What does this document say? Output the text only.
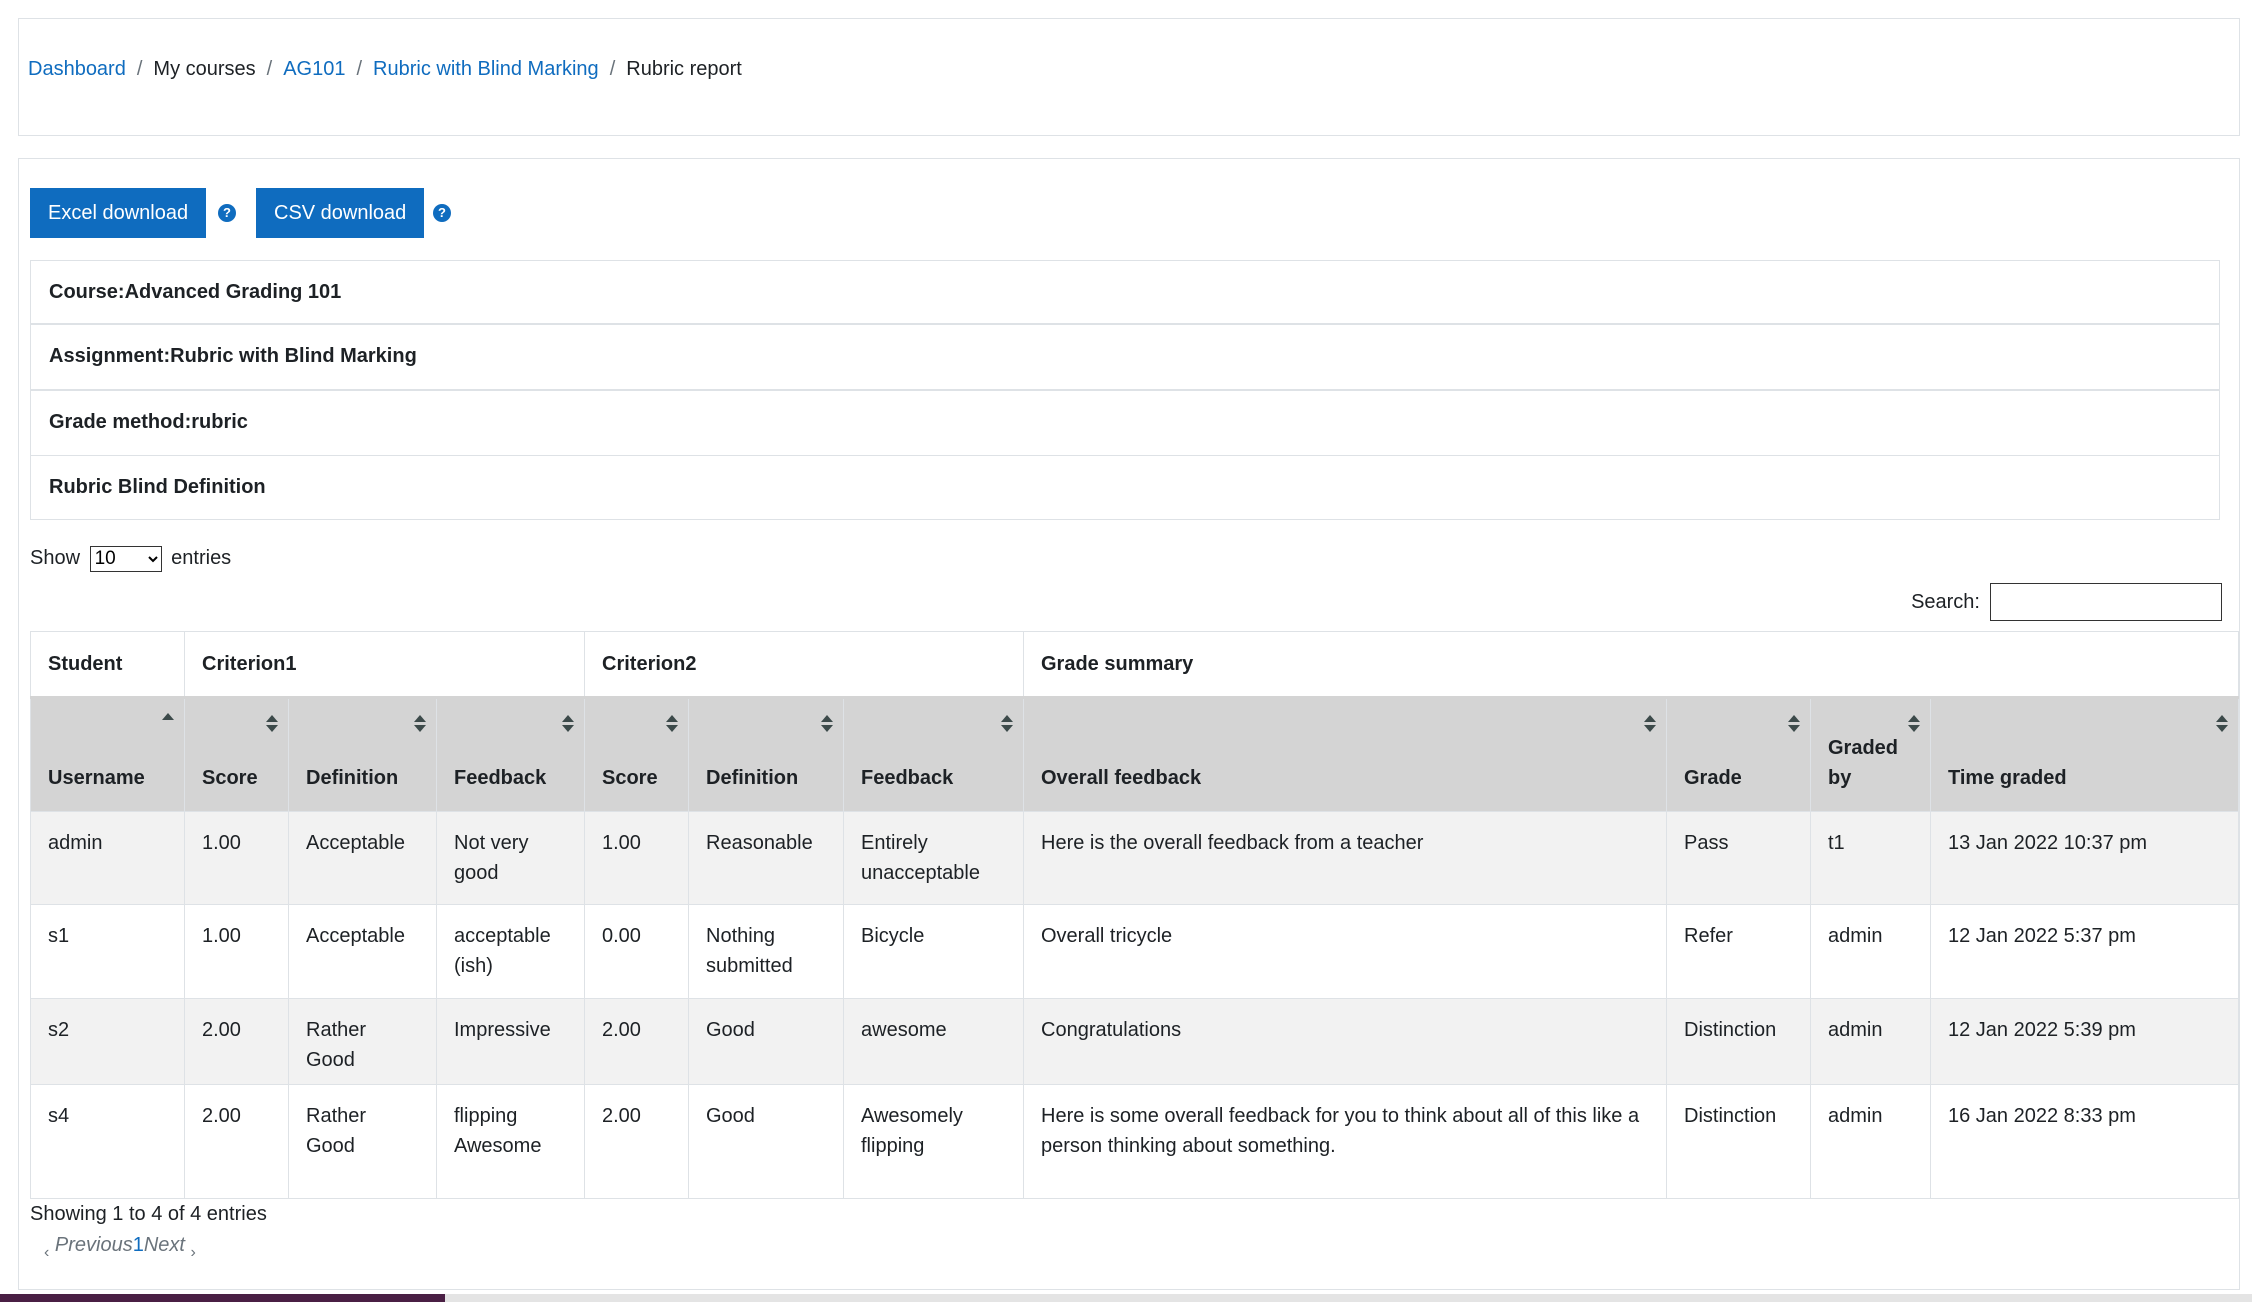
Dashboard / My courses / AG101 / Rubric with Blind Marking / Rubric report
Excel download	?	CSV download	?
Course:Advanced Grading 101
Assignment:Rubric with Blind Marking
Grade method:rubric
Rubric Blind Definition
Show
10	entries
Search:
Student	Criterion1			Criterion2			Grade summary			

Username	Score	Definition	Feedback	Score	Definition	Feedback	Overall feedback	Grade	Graded by	Time graded
admin	1.00	Acceptable	Not very good	1.00	Reasonable	Entirely unacceptable	Here is the overall feedback from a teacher	Pass	t1	13 Jan 2022 10:37 pm
s1	1.00	Acceptable	acceptable (ish)	0.00	Nothing submitted	Bicycle	Overall tricycle	Refer	admin	12 Jan 2022 5:37 pm
s2	2.00	Rather Good	Impressive	2.00	Good	awesome	Congratulations	Distinction	admin	12 Jan 2022 5:39 pm
s4	2.00	Rather Good	flipping Awesome	2.00	Good	Awesomely flipping	Here is some overall feedback for you to think about all of this like a person thinking about something.	Distinction	admin	16 Jan 2022 8:33 pm
Showing 1 to 4 of 4 entries
$_‹$ Previous1Next $_›$
